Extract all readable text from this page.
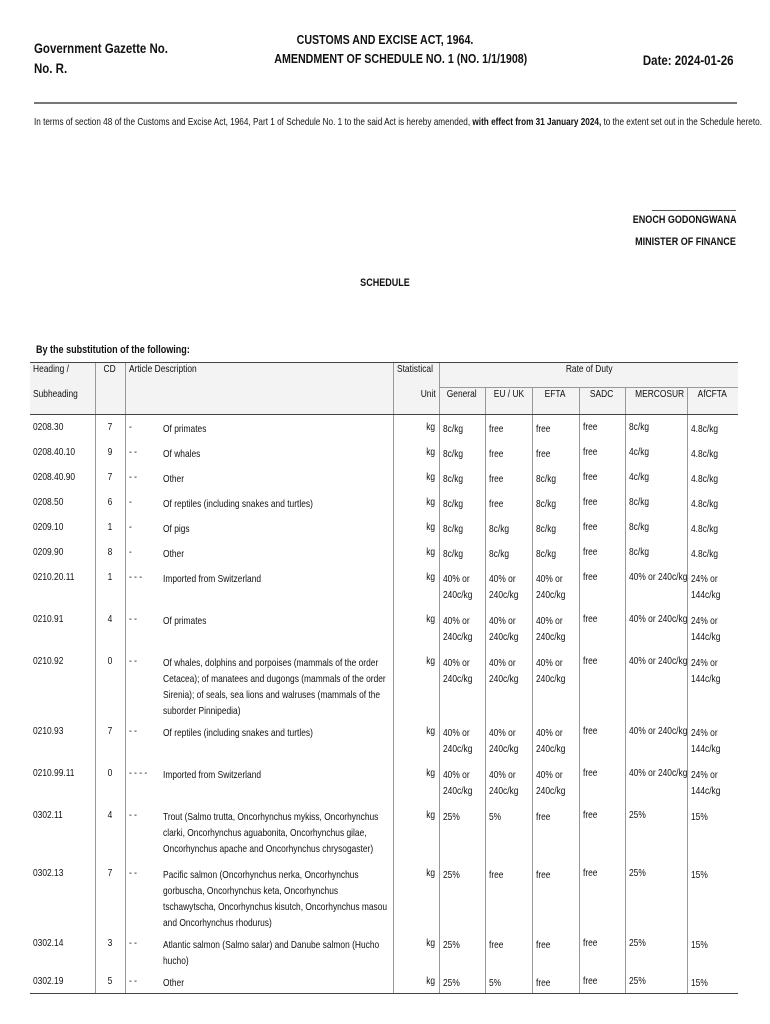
Government Gazette No.
No. R.
CUSTOMS AND EXCISE ACT, 1964.
AMENDMENT OF SCHEDULE NO. 1 (NO. 1/1/1908)	Date: 2024-01-26
In terms of section 48 of the Customs and Excise Act, 1964, Part 1 of Schedule No. 1 to the said Act is hereby amended, with effect from 31 January 2024, to the extent set out in the Schedule hereto.
ENOCH GODONGWANA
MINISTER OF FINANCE
SCHEDULE
By the substitution of the following:
Heading /	CD	Article Description		Statistical	Rate of Duty					
Subheading				Unit	General	EU / UK	EFTA	SADC	MERCOSUR	AfCFTA
0208.30	7	-	Of primates	kg	8c/kg	free	free	free	8c/kg	4.8c/kg

0208.40.10	9	- -	Of whales	kg	8c/kg	free	free	free	4c/kg	4.8c/kg

0208.40.90	7	- -	Other	kg	8c/kg	free	8c/kg	free	4c/kg	4.8c/kg

0208.50	6	-	Of reptiles (including snakes and turtles)	kg	8c/kg	free	8c/kg	free	8c/kg	4.8c/kg

0209.10	1	-	Of pigs	kg	8c/kg	8c/kg	8c/kg	free	8c/kg	4.8c/kg

0209.90	8	-	Other	kg	8c/kg	8c/kg	8c/kg	free	8c/kg	4.8c/kg

0210.20.11	1	- - -	Imported from Switzerland	kg	40% or 240c/kg	40% or 240c/kg	40% or 240c/kg	free	40% or 240c/kg	24% or 144c/kg

0210.91	4	- -	Of primates	kg	40% or 240c/kg	40% or 240c/kg	40% or 240c/kg	free	40% or 240c/kg	24% or 144c/kg

0210.92	0	- -	Of whales, dolphins and porpoises (mammals of the order Cetacea); of manatees and dugongs (mammals of the order Sirenia); of seals, sea lions and walruses (mammals of the suborder Pinnipedia)	kg	40% or 240c/kg	40% or 240c/kg	40% or 240c/kg	free	40% or 240c/kg	24% or 144c/kg

0210.93	7	- -	Of reptiles (including snakes and turtles)	kg	40% or 240c/kg	40% or 240c/kg	40% or 240c/kg	free	40% or 240c/kg	24% or 144c/kg

0210.99.11	0	- - - -	Imported from Switzerland	kg	40% or 240c/kg	40% or 240c/kg	40% or 240c/kg	free	40% or 240c/kg	24% or 144c/kg

0302.11	4	- -	Trout (Salmo trutta, Oncorhynchus mykiss, Oncorhynchus clarki, Oncorhynchus aguabonita, Oncorhynchus gilae, Oncorhynchus apache and Oncorhynchus chrysogaster)	kg	25%	5%	free	free	25%	15%

0302.13	7	- -	Pacific salmon (Oncorhynchus nerka, Oncorhynchus gorbuscha, Oncorhynchus keta, Oncorhynchus tschawytscha, Oncorhynchus kisutch, Oncorhynchus masou and Oncorhynchus rhodurus)	kg	25%	free	free	free	25%	15%

0302.14	3	- -	Atlantic salmon (Salmo salar) and Danube salmon (Hucho hucho)	kg	25%	free	free	free	25%	15%

0302.19	5	- -	Other	kg	25%	5%	free	free	25%	15%
